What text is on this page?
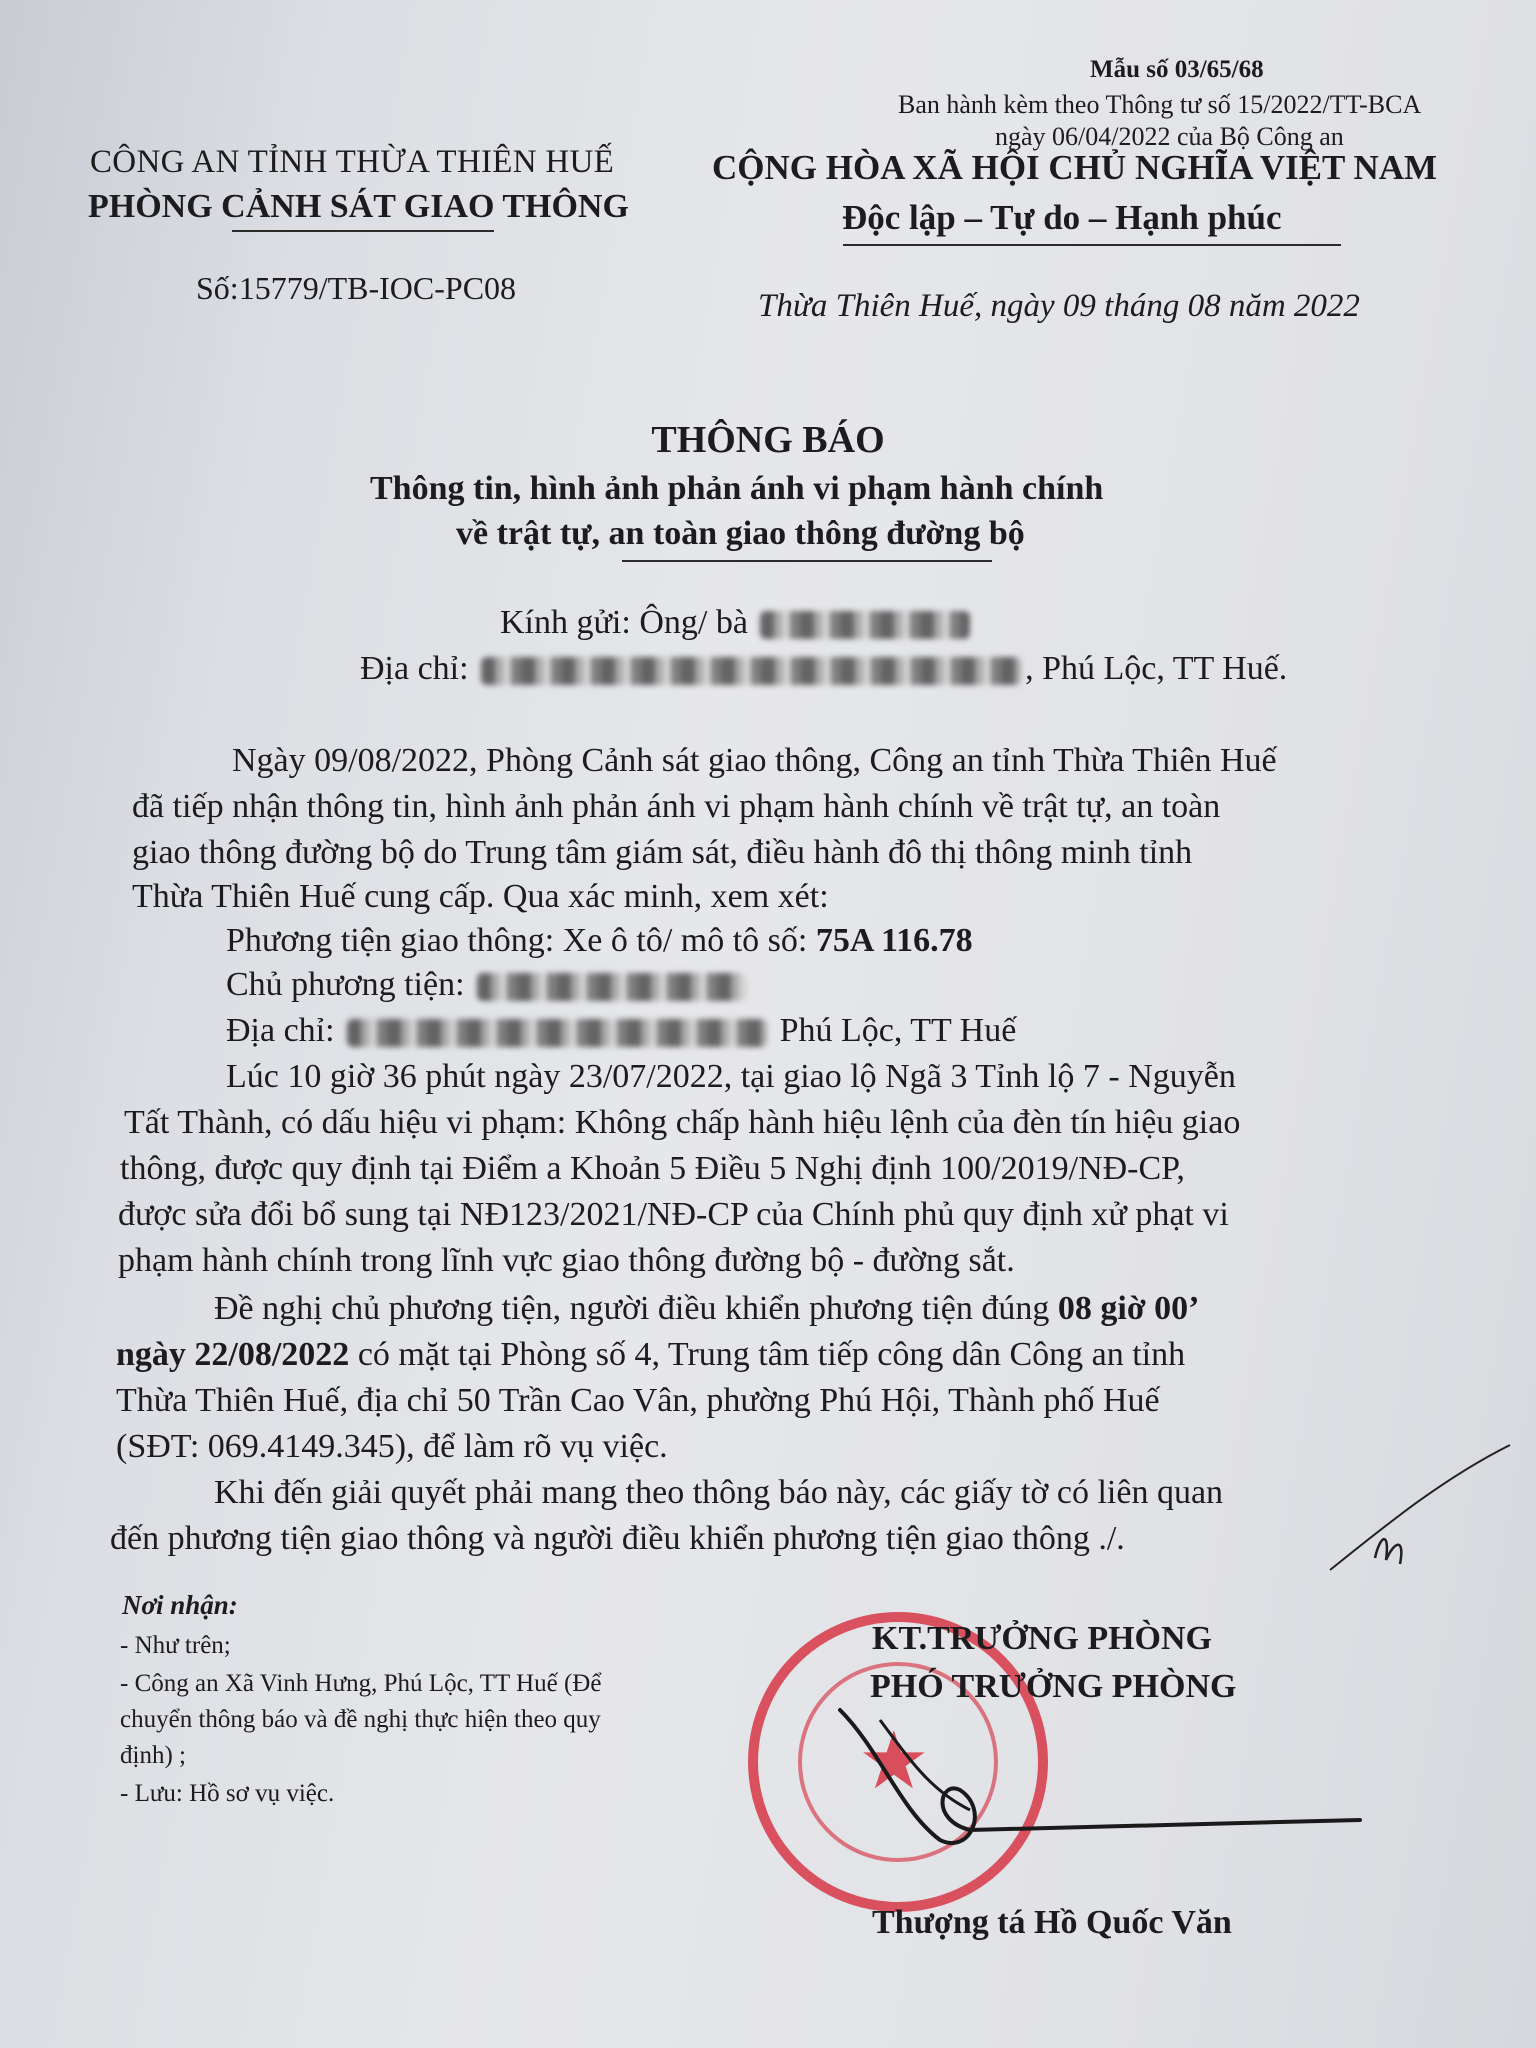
Mẫu số 03/65/68
Ban hành kèm theo Thông tư số 15/2022/TT-BCA
ngày 06/04/2022 của Bộ Công an
CÔNG AN TỈNH THỪA THIÊN HUẾ
PHÒNG CẢNH SÁT GIAO THÔNG
Số:15779/TB-IOC-PC08
CỘNG HÒA XÃ HỘI CHỦ NGHĨA VIỆT NAM
Độc lập – Tự do – Hạnh phúc
Thừa Thiên Huế, ngày 09 tháng 08 năm 2022
THÔNG BÁO
Thông tin, hình ảnh phản ánh vi phạm hành chính
về trật tự, an toàn giao thông đường bộ
Kính gửi: Ông/ bà
Địa chỉ:	, Phú Lộc, TT Huế.
Ngày 09/08/2022, Phòng Cảnh sát giao thông, Công an tỉnh Thừa Thiên Huế
đã tiếp nhận thông tin, hình ảnh phản ánh vi phạm hành chính về trật tự, an toàn
giao thông đường bộ do Trung tâm giám sát, điều hành đô thị thông minh tỉnh
Thừa Thiên Huế cung cấp. Qua xác minh, xem xét:
Phương tiện giao thông: Xe ô tô/ mô tô số: 75A 116.78
Chủ phương tiện:
Địa chỉ:	Phú Lộc, TT Huế
Lúc 10 giờ 36 phút ngày 23/07/2022, tại giao lộ Ngã 3 Tỉnh lộ 7 - Nguyễn
Tất Thành, có dấu hiệu vi phạm: Không chấp hành hiệu lệnh của đèn tín hiệu giao
thông, được quy định tại Điểm a Khoản 5 Điều 5 Nghị định 100/2019/NĐ-CP,
được sửa đổi bổ sung tại NĐ123/2021/NĐ-CP của Chính phủ quy định xử phạt vi
phạm hành chính trong lĩnh vực giao thông đường bộ - đường sắt.
Đề nghị chủ phương tiện, người điều khiển phương tiện đúng 08 giờ 00’
ngày 22/08/2022 có mặt tại Phòng số 4, Trung tâm tiếp công dân Công an tỉnh
Thừa Thiên Huế, địa chỉ 50 Trần Cao Vân, phường Phú Hội, Thành phố Huế
(SĐT: 069.4149.345), để làm rõ vụ việc.
Khi đến giải quyết phải mang theo thông báo này, các giấy tờ có liên quan
đến phương tiện giao thông và người điều khiển phương tiện giao thông ./.
Nơi nhận:
- Như trên;
- Công an Xã Vinh Hưng, Phú Lộc, TT Huế (Để
chuyển thông báo và đề nghị thực hiện theo quy
định) ;
- Lưu: Hồ sơ vụ việc.	★
KT.TRƯỞNG PHÒNG
PHÓ TRƯỞNG PHÒNG
Thượng tá Hồ Quốc Văn
